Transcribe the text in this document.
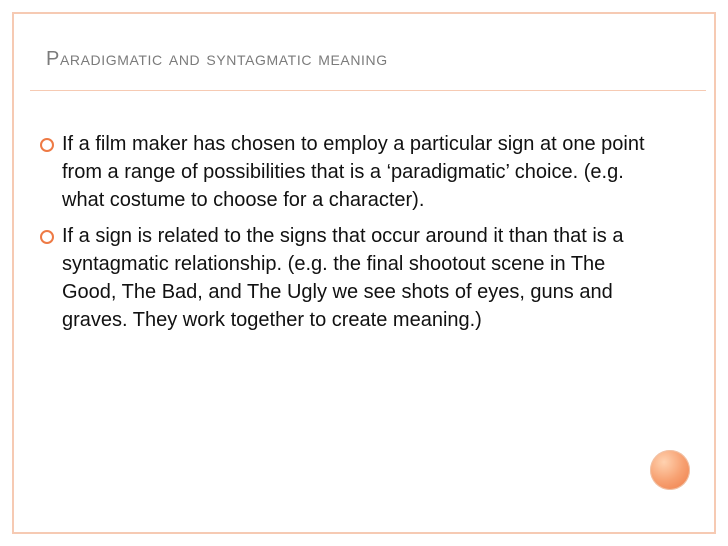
Paradigmatic and syntagmatic meaning
If a film maker has chosen to employ a particular sign at one point from a range of possibilities that is a ‘paradigmatic’ choice. (e.g. what costume to choose for a character).
If a sign is related to the signs that occur around it than that is a syntagmatic relationship. (e.g. the final shootout scene in The Good, The Bad, and The Ugly we see shots of eyes, guns and graves. They work together to create meaning.)
